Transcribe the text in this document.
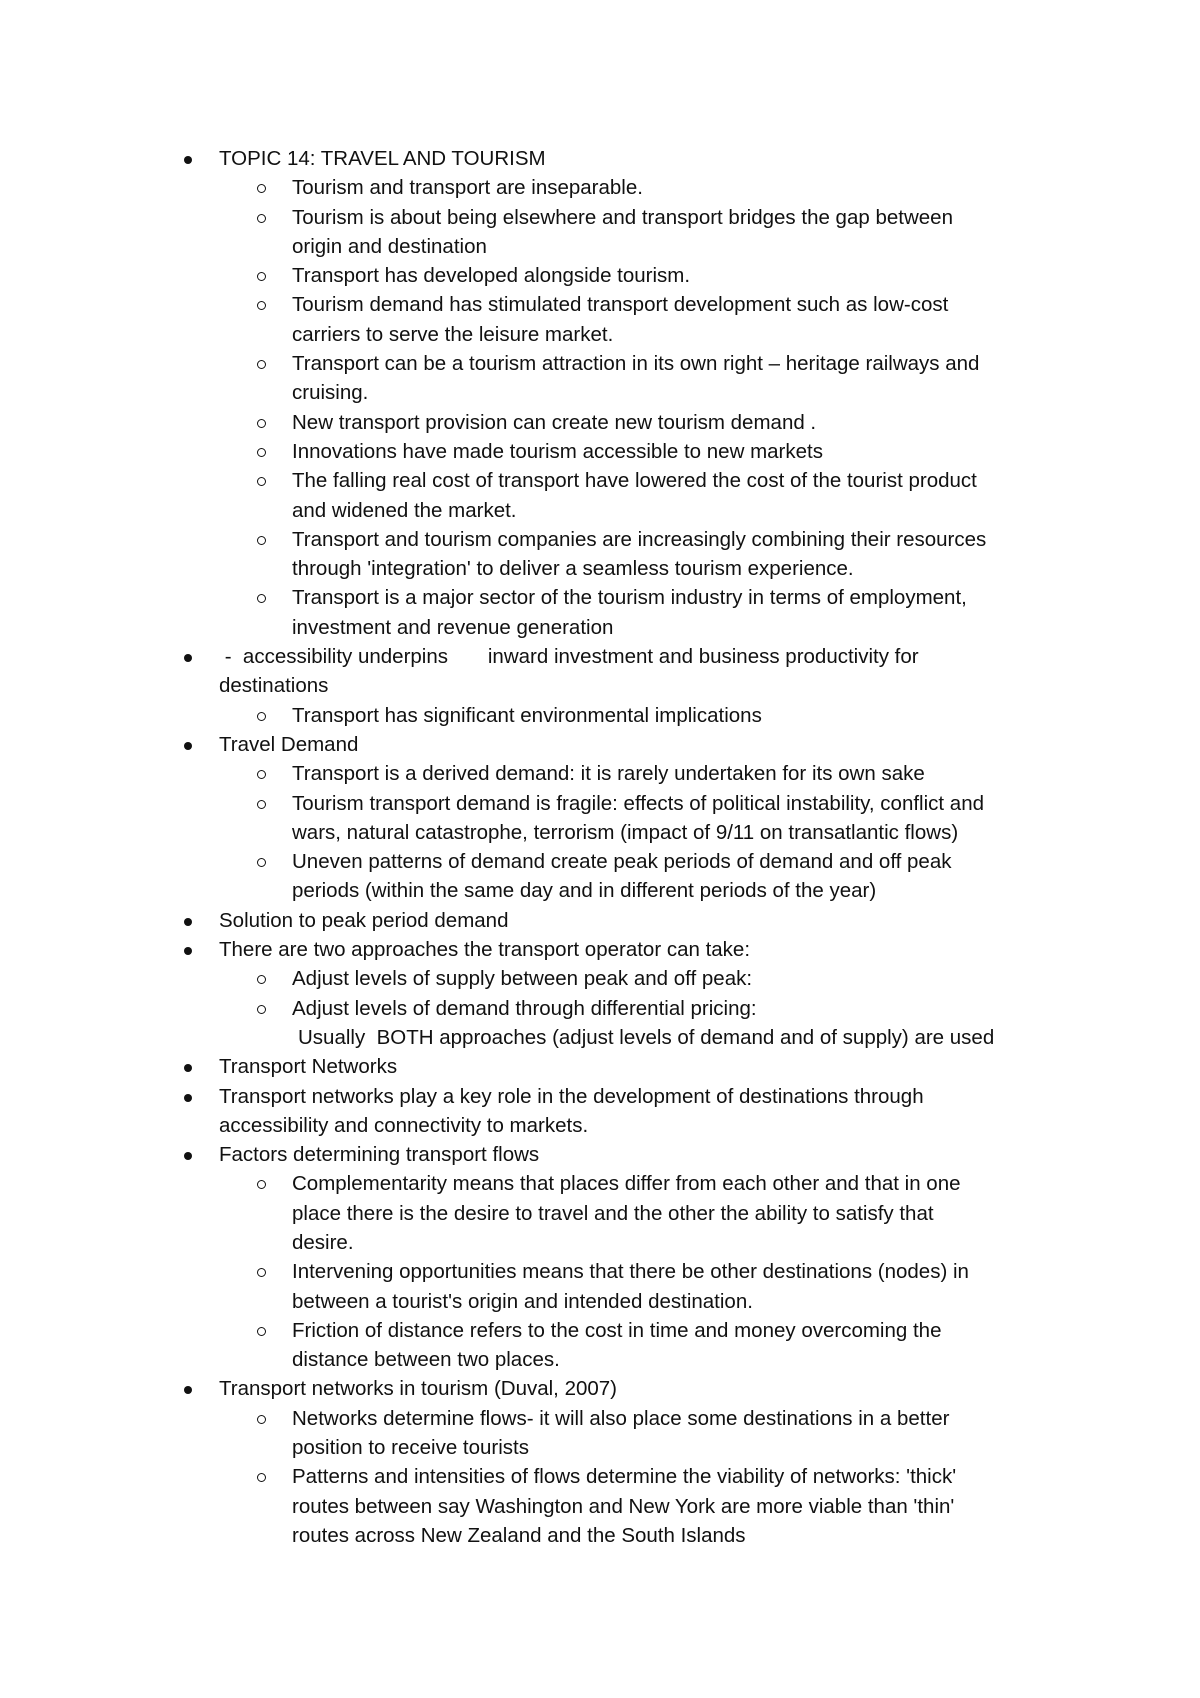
TOPIC 14: TRAVEL AND TOURISM
Tourism and transport are inseparable.
Tourism is about being elsewhere and transport bridges the gap between
origin and destination
Transport has developed alongside tourism.
Tourism demand has stimulated transport development such as low-cost
carriers to serve the leisure market.
Transport can be a tourism attraction in its own right – heritage railways and
cruising.
New transport provision can create new tourism demand .
Innovations have made tourism accessible to new markets
The falling real cost of transport have lowered the cost of the tourist product
and widened the market.
Transport and tourism companies are increasingly combining their resources
through 'integration' to deliver a seamless tourism experience.
Transport is a major sector of the tourism industry in terms of employment,
investment and revenue generation
-  accessibility underpins       inward investment and business productivity for
destinations
Transport has significant environmental implications
Travel Demand
Transport is a derived demand: it is rarely undertaken for its own sake
Tourism transport demand is fragile: effects of political instability, conflict and
wars, natural catastrophe, terrorism (impact of 9/11 on transatlantic flows)
Uneven patterns of demand create peak periods of demand and off peak
periods (within the same day and in different periods of the year)
Solution to peak period demand
There are two approaches the transport operator can take:
Adjust levels of supply between peak and off peak:
Adjust levels of demand through differential pricing:
Usually  BOTH approaches (adjust levels of demand and of supply) are used
Transport Networks
Transport networks play a key role in the development of destinations through
accessibility and connectivity to markets.
Factors determining transport flows
Complementarity means that places differ from each other and that in one
place there is the desire to travel and the other the ability to satisfy that
desire.
Intervening opportunities means that there be other destinations (nodes) in
between a tourist's origin and intended destination.
Friction of distance refers to the cost in time and money overcoming the
distance between two places.
Transport networks in tourism (Duval, 2007)
Networks determine flows- it will also place some destinations in a better
position to receive tourists
Patterns and intensities of flows determine the viability of networks: 'thick'
routes between say Washington and New York are more viable than 'thin'
routes across New Zealand and the South Islands
